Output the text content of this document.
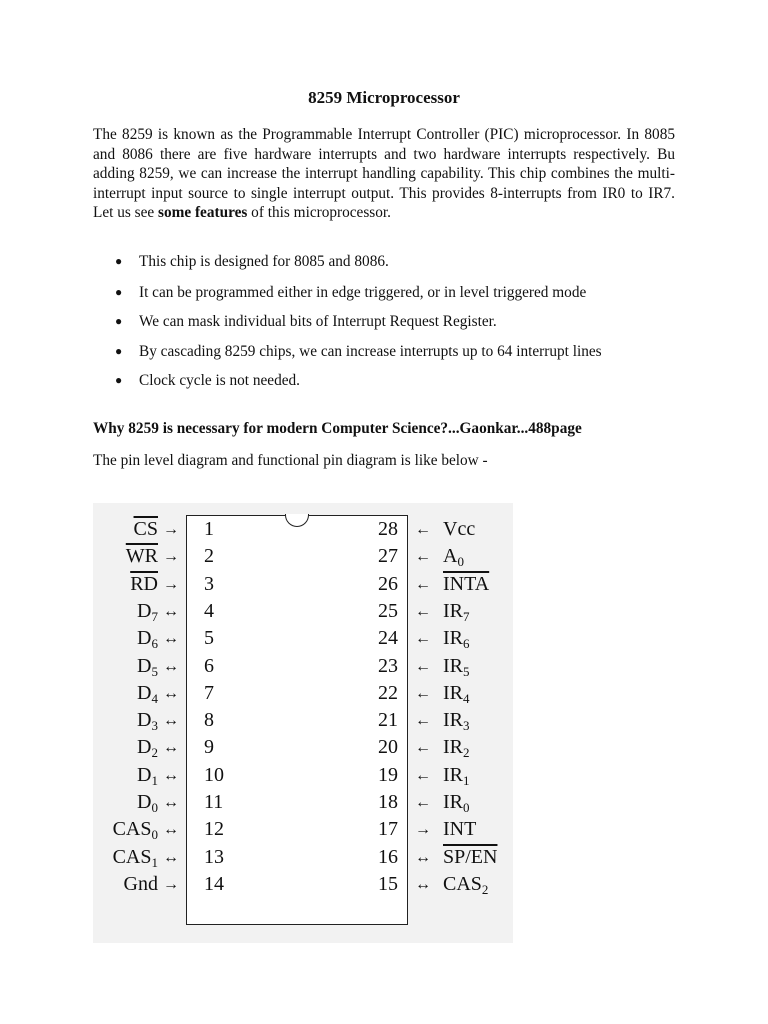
8259 Microprocessor

The 8259 is known as the Programmable Interrupt Controller (PIC) microprocessor. In 8085 and 8086 there are five hardware interrupts and two hardware interrupts respectively. Bu adding 8259, we can increase the interrupt handling capability. This chip combines the multi-interrupt input source to single interrupt output. This provides 8-interrupts from IR0 to IR7. Let us see some features of this microprocessor.

● This chip is designed for 8085 and 8086.
● It can be programmed either in edge triggered, or in level triggered mode
● We can mask individual bits of Interrupt Request Register.
● By cascading 8259 chips, we can increase interrupts up to 64 interrupt lines
● Clock cycle is not needed.
Why 8259 is necessary for modern Computer Science?...Gaonkar...488page
The pin level diagram and functional pin diagram is like below -
$\overline{CS} \to 1$
$\overline{WR} \to 2$
$\overline{RD} \to 3$
$D_7$ ↔ 4
$D_6$ ↔ 5
$D_5$ ↔ 6
$D_4$ ↔ 7
$D_3$ ↔ 8
$D_2$ ↔ 9
$D_1$ ↔ 10
$D_0$ ↔ 11
$CAS_0$ ↔ 12
$CAS_1$ ↔ 13
Gnd → 14
28 ← Vcc
27 ← $A_0$
26 ← INTA
25 ← $IR_7$
24 ← $IR_6$
23 ← $IR_5$
22 ← $IR_4$
21 ← $IR_3$
20 ← $IR_2$
19 ← $IR_1$
18 ← $IR_0$
17 → INT
16 ↔ SP/EN
15 ↔ $CAS_2$
